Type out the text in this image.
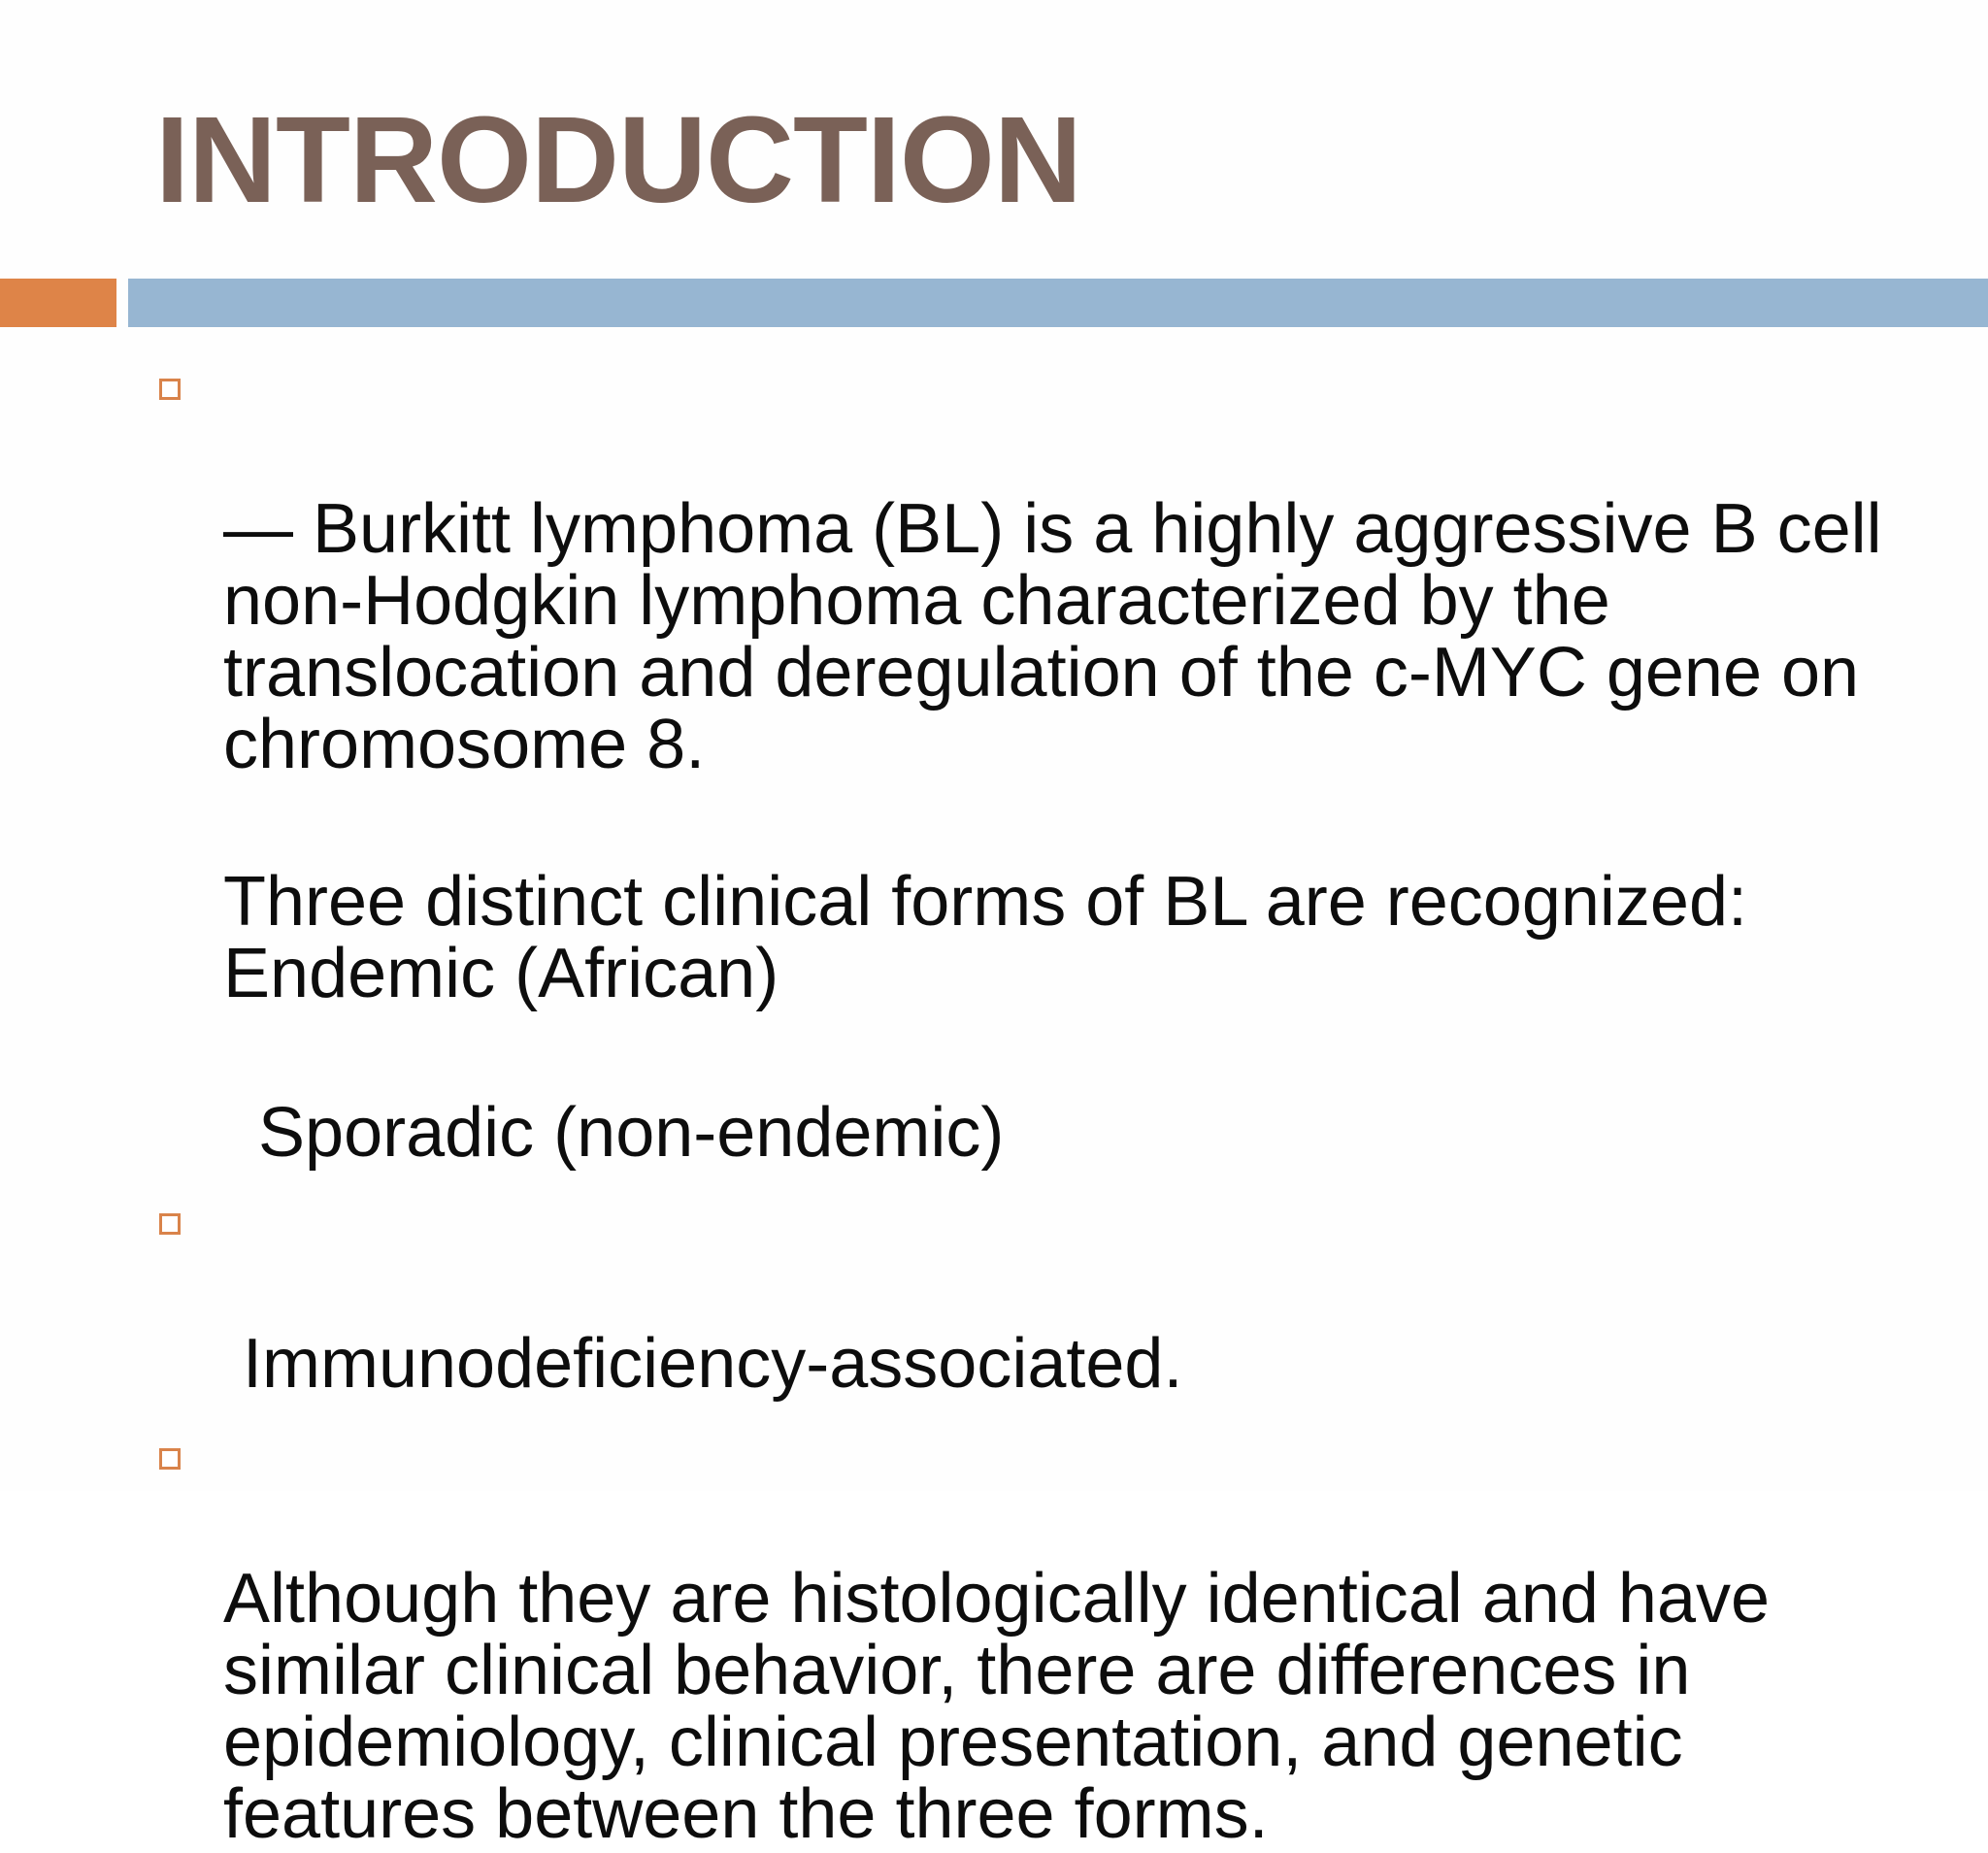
INTRODUCTION

— Burkitt lymphoma (BL) is a highly aggressive B cell non-Hodgkin lymphoma characterized by the translocation and deregulation of the c-MYC gene on chromosome 8.

Three distinct clinical forms of BL are recognized: Endemic (African)

Sporadic (non-endemic)

Immunodeficiency-associated.

Although they are histologically identical and have similar clinical behavior, there are differences in epidemiology, clinical presentation, and genetic features between the three forms.
